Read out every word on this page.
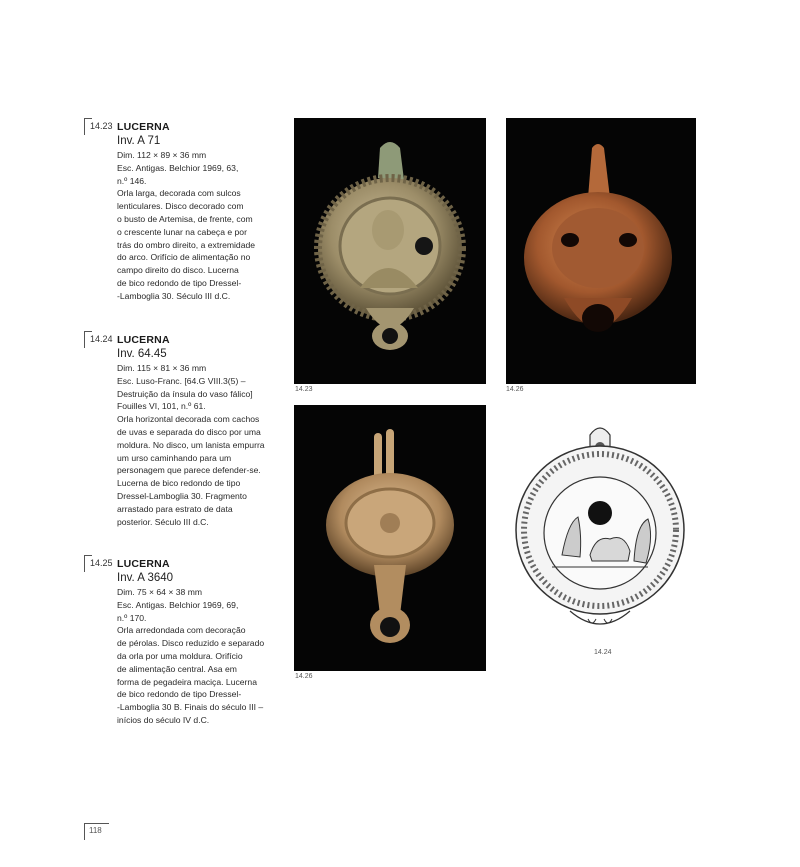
14.23 LUCERNA
Inv. A 71
Dim. 112 × 89 × 36 mm
Esc. Antigas. Belchior 1969, 63,
n.º 146.
Orla larga, decorada com sulcos
lenticulares. Disco decorado com
o busto de Artemisa, de frente, com
o crescente lunar na cabeça e por
trás do ombro direito, a extremidade
do arco. Orifício de alimentação no
campo direito do disco. Lucerna
de bico redondo de tipo Dressel-
-Lamboglia 30. Século III d.C.
14.24 LUCERNA
Inv. 64.45
Dim. 115 × 81 × 36 mm
Esc. Luso-Franc. [64.G VIII.3(5) –
Destruição da ínsula do vaso fálico]
Fouilles VI, 101, n.º 61.
Orla horizontal decorada com cachos
de uvas e separada do disco por uma
moldura. No disco, um lanista empurra
um urso caminhando para um
personagem que parece defender-se.
Lucerna de bico redondo de tipo
Dressel-Lamboglia 30. Fragmento
arrastado para estrato de data
posterior. Século III d.C.
14.25 LUCERNA
Inv. A 3640
Dim. 75 × 64 × 38 mm
Esc. Antigas. Belchior 1969, 69,
n.º 170.
Orla arredondada com decoração
de pérolas. Disco reduzido e separado
da orla por uma moldura. Orifício
de alimentação central. Asa em
forma de pegadeira maciça. Lucerna
de bico redondo de tipo Dressel-
-Lamboglia 30 B. Finais do século III –
inícios do século IV d.C.
14.23	14.26
14.26
14.24
118
